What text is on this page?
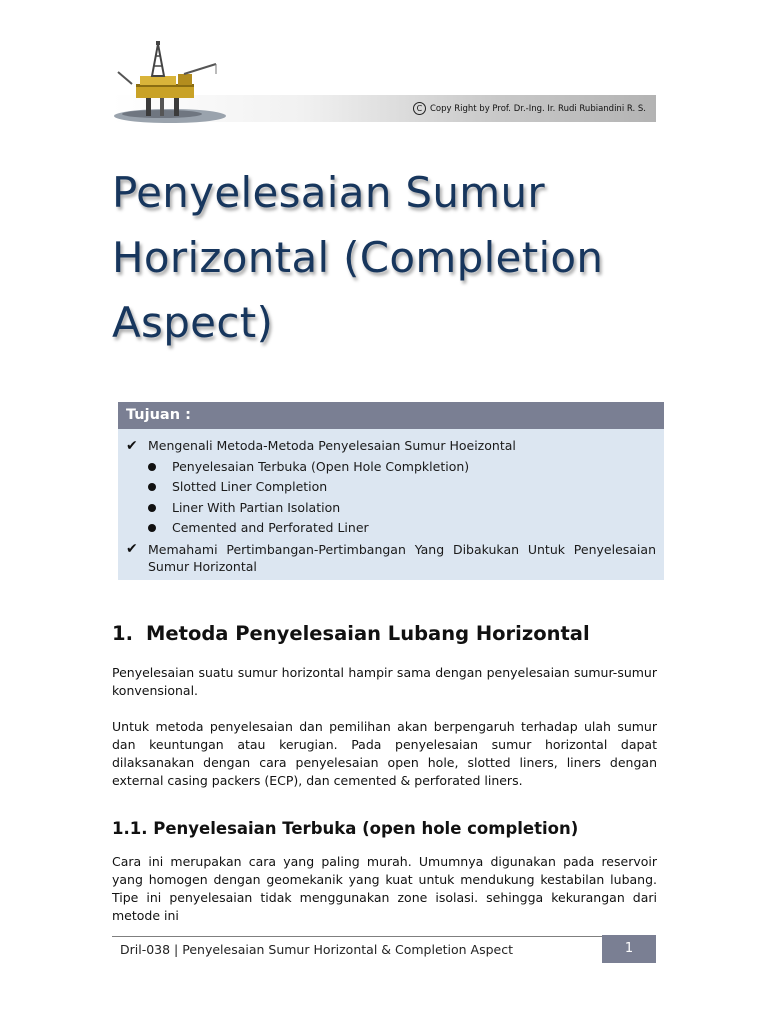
C Copy Right by Prof. Dr.-Ing. Ir. Rudi Rubiandini R. S.
Penyelesaian Sumur Horizontal (Completion Aspect)
Tujuan :
✔ Mengenali Metoda-Metoda Penyelesaian Sumur Hoeizontal
Penyelesaian Terbuka (Open Hole Compkletion)
Slotted Liner Completion
Liner With Partian Isolation
Cemented and Perforated Liner
✔ Memahami Pertimbangan-Pertimbangan Yang Dibakukan Untuk Penyelesaian Sumur Horizontal
1. Metoda Penyelesaian Lubang Horizontal

Penyelesaian suatu sumur horizontal hampir sama dengan penyelesaian sumur-sumur konvensional.

Untuk metoda penyelesaian dan pemilihan akan berpengaruh terhadap ulah sumur dan keuntungan atau kerugian. Pada penyelesaian sumur horizontal dapat dilaksanakan dengan cara penyelesaian open hole, slotted liners, liners dengan external casing packers (ECP), dan cemented & perforated liners.

1.1. Penyelesaian Terbuka (open hole completion)

Cara ini merupakan cara yang paling murah. Umumnya digunakan pada reservoir yang homogen dengan geomekanik yang kuat untuk mendukung kestabilan lubang. Tipe ini penyelesaian tidak menggunakan zone isolasi. sehingga kekurangan dari metode ini

Dril-038 | Penyelesaian Sumur Horizontal & Completion Aspect	1
